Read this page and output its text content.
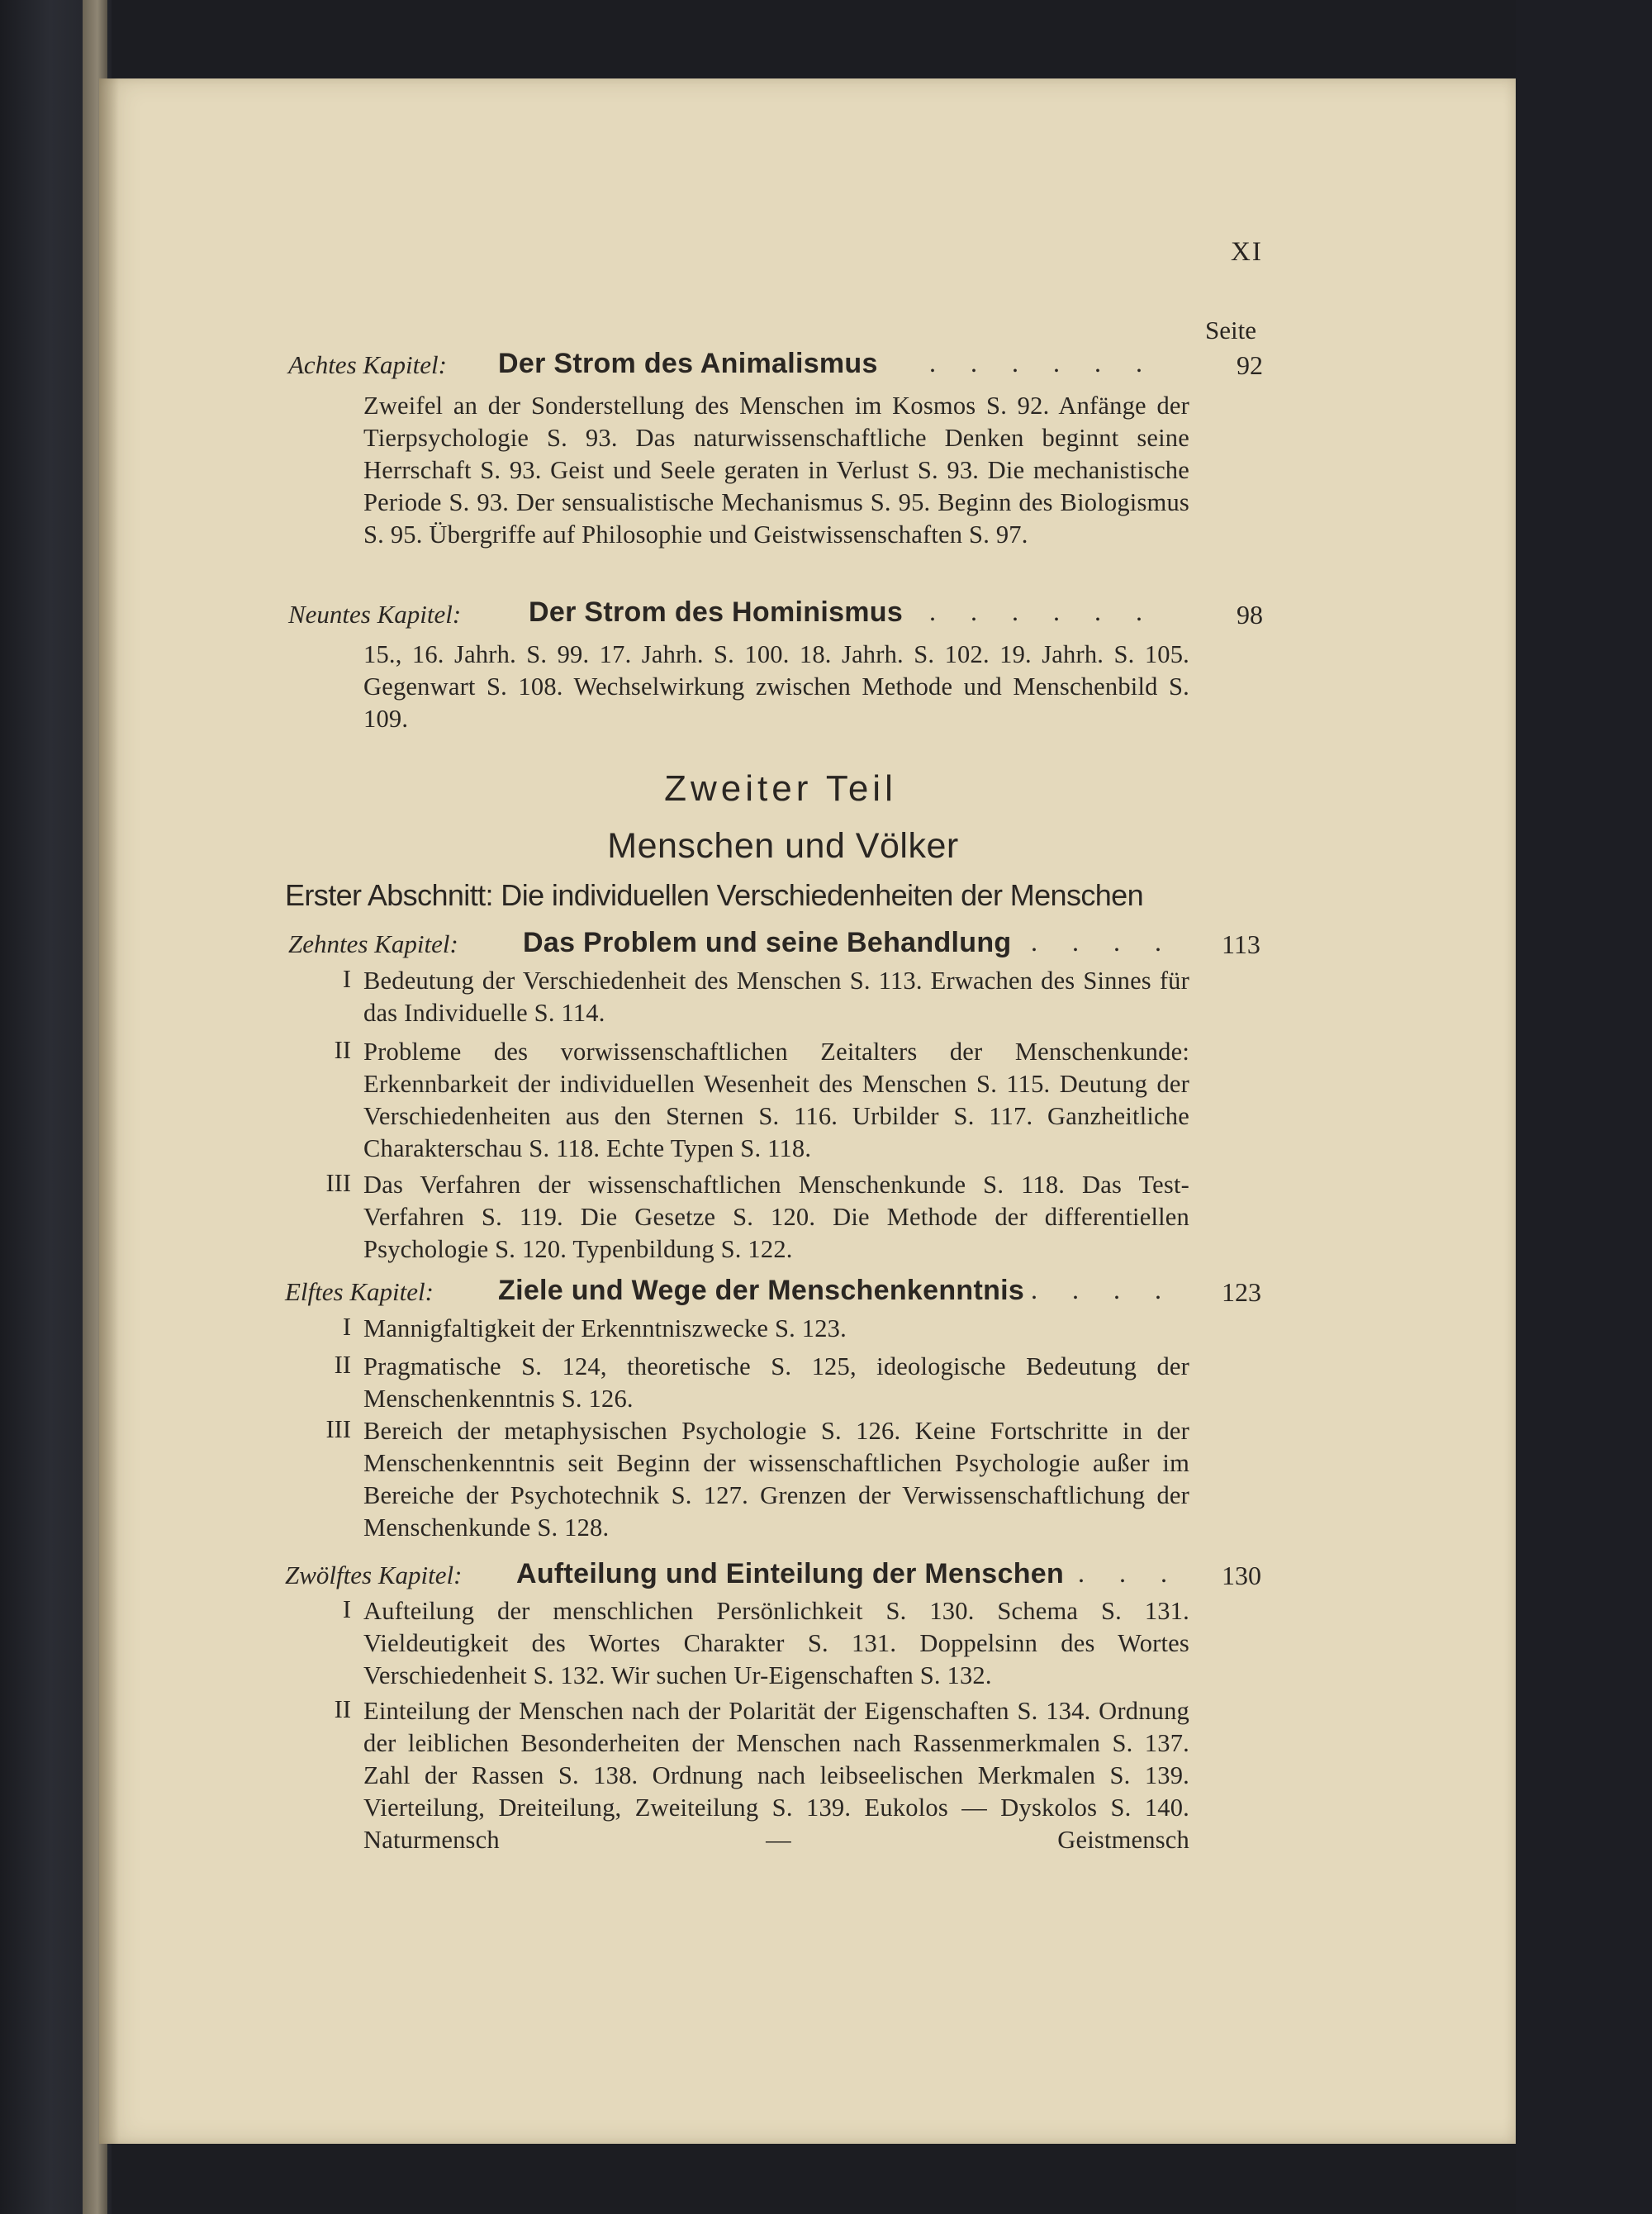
XI
Seite
Achtes Kapitel: Der Strom des Animalismus . . . . . .	92
Zweifel an der Sonderstellung des Menschen im Kosmos S. 92. Anfänge der Tierpsychologie S. 93. Das naturwissenschaftliche Denken beginnt seine Herrschaft S. 93. Geist und Seele geraten in Verlust S. 93. Die mechanistische Periode S. 93. Der sensualistische Mechanismus S. 95. Beginn des Biologismus S. 95. Übergriffe auf Philosophie und Geistwissenschaften S. 97.
Neuntes Kapitel: Der Strom des Hominismus . . . . . .	98
15., 16. Jahrh. S. 99. 17. Jahrh. S. 100. 18. Jahrh. S. 102. 19. Jahrh. S. 105. Gegenwart S. 108. Wechselwirkung zwischen Methode und Menschenbild S. 109.
Zweiter Teil
Menschen und Völker
Erster Abschnitt: Die individuellen Verschiedenheiten der Menschen
Zehntes Kapitel: Das Problem und seine Behandlung . . . . 113
I Bedeutung der Verschiedenheit des Menschen S. 113. Erwachen des Sinnes für das Individuelle S. 114.
II Probleme des vorwissenschaftlichen Zeitalters der Menschenkunde: Erkennbarkeit der individuellen Wesenheit des Menschen S. 115. Deutung der Verschiedenheiten aus den Sternen S. 116. Urbilder S. 117. Ganzheitliche Charakterschau S. 118. Echte Typen S. 118.
III Das Verfahren der wissenschaftlichen Menschenkunde S. 118. Das Test-Verfahren S. 119. Die Gesetze S. 120. Die Methode der differentiellen Psychologie S. 120. Typenbildung S. 122.
Elftes Kapitel: Ziele und Wege der Menschenkenntnis . . . . 123
I Mannigfaltigkeit der Erkenntniszwecke S. 123.
II Pragmatische S. 124, theoretische S. 125, ideologische Bedeutung der Menschenkenntnis S. 126.
III Bereich der metaphysischen Psychologie S. 126. Keine Fortschritte in der Menschenkenntnis seit Beginn der wissenschaftlichen Psychologie außer im Bereiche der Psychotechnik S. 127. Grenzen der Verwissenschaftlichung der Menschenkunde S. 128.
Zwölftes Kapitel: Aufteilung und Einteilung der Menschen . . . 130
I Aufteilung der menschlichen Persönlichkeit S. 130. Schema S. 131. Vieldeutigkeit des Wortes Charakter S. 131. Doppelsinn des Wortes Verschiedenheit S. 132. Wir suchen Ur-Eigenschaften S. 132.
II Einteilung der Menschen nach der Polarität der Eigenschaften S. 134. Ordnung der leiblichen Besonderheiten der Menschen nach Rassenmerkmalen S. 137. Zahl der Rassen S. 138. Ordnung nach leibseelischen Merkmalen S. 139. Vierteilung, Dreiteilung, Zweiteilung S. 139. Eukolos — Dyskolos S. 140. Naturmensch — Geistmensch
